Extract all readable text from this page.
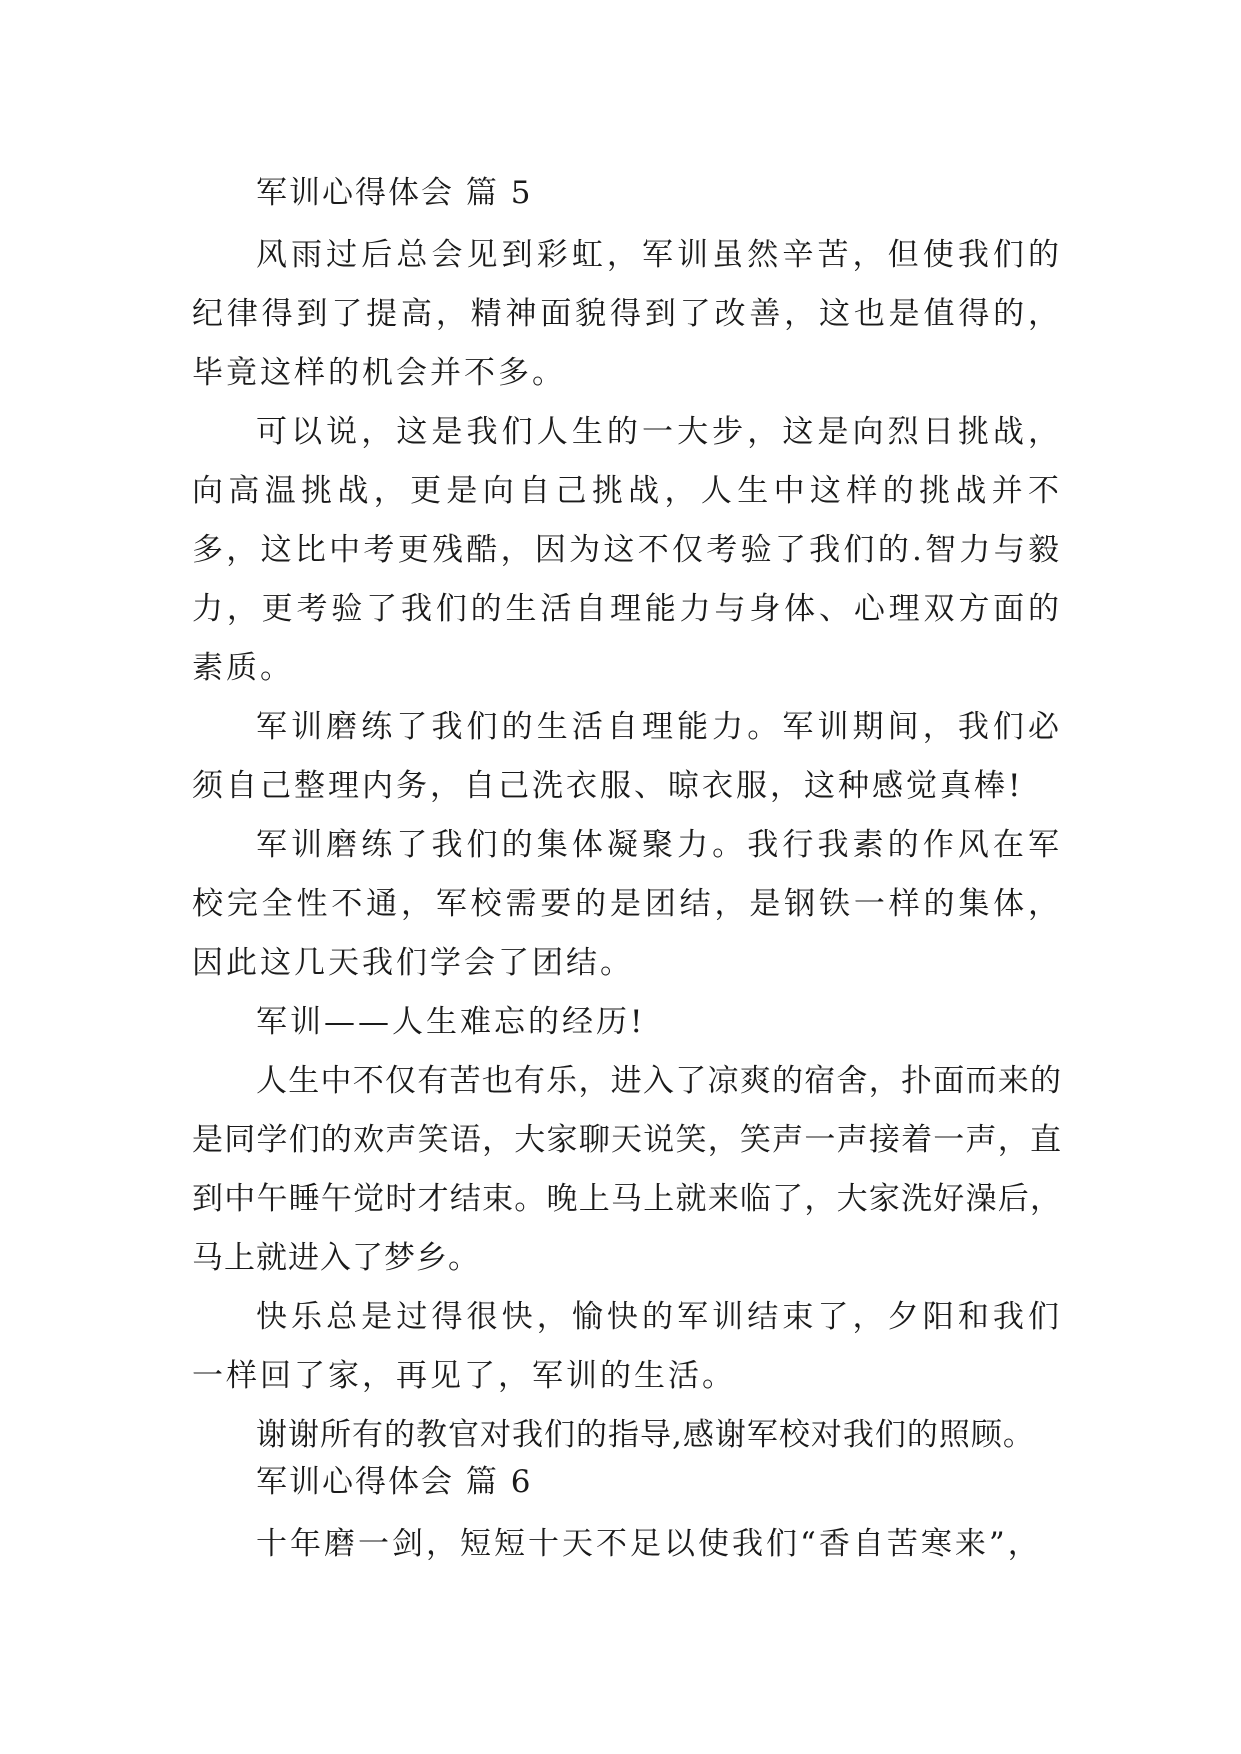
军训心得体会 篇 5

风雨过后总会见到彩虹，军训虽然辛苦，但使我们的纪律得到了提高，精神面貌得到了改善，这也是值得的，毕竟这样的机会并不多。

可以说，这是我们人生的一大步，这是向烈日挑战，向高温挑战，更是向自己挑战，人生中这样的挑战并不多，这比中考更残酷，因为这不仅考验了我们的.智力与毅力，更考验了我们的生活自理能力与身体、心理双方面的素质。

军训磨练了我们的生活自理能力。军训期间，我们必须自己整理内务，自己洗衣服、晾衣服，这种感觉真棒!

军训磨练了我们的集体凝聚力。我行我素的作风在军校完全性不通，军校需要的是团结，是钢铁一样的集体，因此这几天我们学会了团结。

军训——人生难忘的经历!

人生中不仅有苦也有乐，进入了凉爽的宿舍，扑面而来的是同学们的欢声笑语，大家聊天说笑，笑声一声接着一声，直到中午睡午觉时才结束。晚上马上就来临了，大家洗好澡后，马上就进入了梦乡。

快乐总是过得很快，愉快的军训结束了，夕阳和我们一样回了家，再见了，军训的生活。

谢谢所有的教官对我们的指导,感谢军校对我们的照顾。

军训心得体会 篇 6

十年磨一剑，短短十天不足以使我们“香自苦寒来”，
